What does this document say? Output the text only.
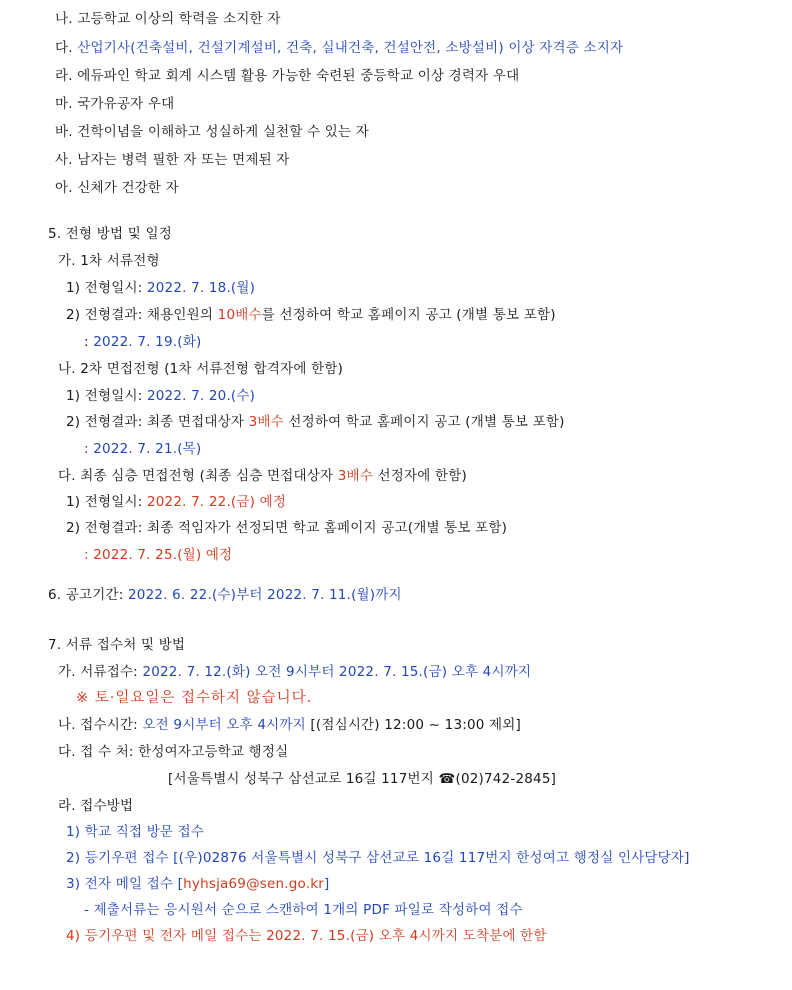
나. 고등학교 이상의 학력을 소지한 자
다. 산업기사(건축설비, 건설기계설비, 건축, 실내건축, 건설안전, 소방설비) 이상 자격증 소지자
라. 에듀파인 학교 회계 시스템 활용 가능한 숙련된 중등학교 이상 경력자 우대
마. 국가유공자 우대
바. 건학이념을 이해하고 성실하게 실천할 수 있는 자
사. 남자는 병력 필한 자 또는 면제된 자
아. 신체가 건강한 자
5. 전형 방법 및 일정
가. 1차 서류전형
1) 전형일시: 2022. 7. 18.(월)
2) 전형결과: 채용인원의 10배수를 선정하여 학교 홈페이지 공고 (개별 통보 포함)
: 2022. 7. 19.(화)
나. 2차 면접전형 (1차 서류전형 합격자에 한함)
1) 전형일시: 2022. 7. 20.(수)
2) 전형결과: 최종 면접대상자 3배수 선정하여 학교 홈페이지 공고 (개별 통보 포함)
: 2022. 7. 21.(목)
다. 최종 심층 면접전형 (최종 심층 면접대상자 3배수 선정자에 한함)
1) 전형일시: 2022. 7. 22.(금) 예정
2) 전형결과: 최종 적임자가 선정되면 학교 홈페이지 공고(개별 통보 포함)
: 2022. 7. 25.(월) 예정
6. 공고기간: 2022. 6. 22.(수)부터 2022. 7. 11.(월)까지
7. 서류 접수처 및 방법
가. 서류접수: 2022. 7. 12.(화) 오전 9시부터 2022. 7. 15.(금) 오후 4시까지
※ 토·일요일은 접수하지 않습니다.
나. 접수시간: 오전 9시부터 오후 4시까지 [(점심시간) 12:00 ~ 13:00 제외]
다. 접 수 처: 한성여자고등학교 행정실
[서울특별시 성북구 삼선교로 16길 117번지 ☎(02)742-2845]
라. 접수방법
1) 학교 직접 방문 접수
2) 등기우편 접수 [(우)02876 서울특별시 성북구 삼선교로 16길 117번지 한성여고 행정실 인사담당자]
3) 전자 메일 접수 [hyhsja69@sen.go.kr]
- 제출서류는 응시원서 순으로 스캔하여 1개의 PDF 파일로 작성하여 접수
4) 등기우편 및 전자 메일 접수는 2022. 7. 15.(금) 오후 4시까지 도착분에 한함
